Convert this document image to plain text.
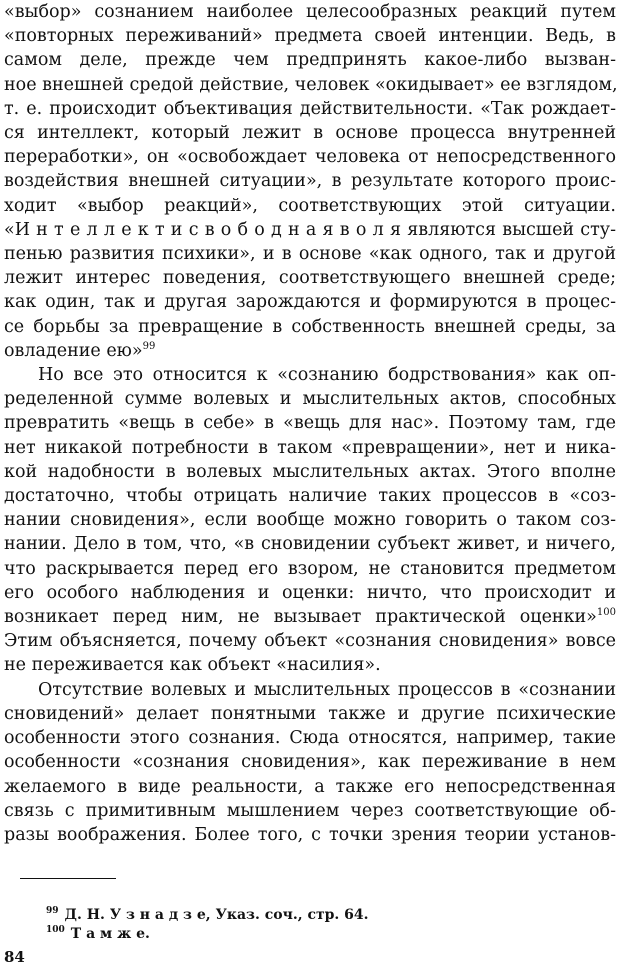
«выбор» сознанием наиболее целесообразных реакций путем
«повторных переживаний» предмета своей интенции. Ведь, в
самом деле, прежде чем предпринять какое-либо вызван-
ное внешней средой действие, человек «окидывает» ее взглядом,
т. е. происходит объективация действительности. «Так рождает-
ся интеллект, который лежит в основе процесса внутренней
переработки», он «освобождает человека от непосредственного
воздействия внешней ситуации», в результате которого проис-
ходит «выбор реакций», соответствующих этой ситуации.
«И н т е л л е к т и с в о б о д н а я в о л я являются высшей сту-
пенью развития психики», и в основе «как одного, так и другой
лежит интерес поведения, соответствующего внешней среде;
как один, так и другая зарождаются и формируются в процес-
се борьбы за превращение в собственность внешней среды, за
овладение ею»$^{99}$

Но все это относится к «сознанию бодрствования» как оп-
ределенной сумме волевых и мыслительных актов, способных
превратить «вещь в себе» в «вещь для нас». Поэтому там, где
нет никакой потребности в таком «превращении», нет и ника-
кой надобности в волевых мыслительных актах. Этого вполне
достаточно, чтобы отрицать наличие таких процессов в «соз-
нании сновидения», если вообще можно говорить о таком соз-
нании. Дело в том, что, «в сновидении субъект живет, и ничего,
что раскрывается перед его взором, не становится предметом
его особого наблюдения и оценки: ничто, что происходит и
возникает перед ним, не вызывает практической оценки»$^{100}$
Этим объясняется, почему объект «сознания сновидения» вовсе
не переживается как объект «насилия».

Отсутствие волевых и мыслительных процессов в «сознании
сновидений» делает понятными также и другие психические
особенности этого сознания. Сюда относятся, например, такие
особенности «сознания сновидения», как переживание в нем
желаемого в виде реальности, а также его непосредственная
связь с примитивным мышлением через соответствующие об-
разы воображения. Более того, с точки зрения теории установ-

$^{99}$ Д. Н. У з н а д з е, Указ. соч., стр. 64.
$^{100}$ Т а м ж е.
84
